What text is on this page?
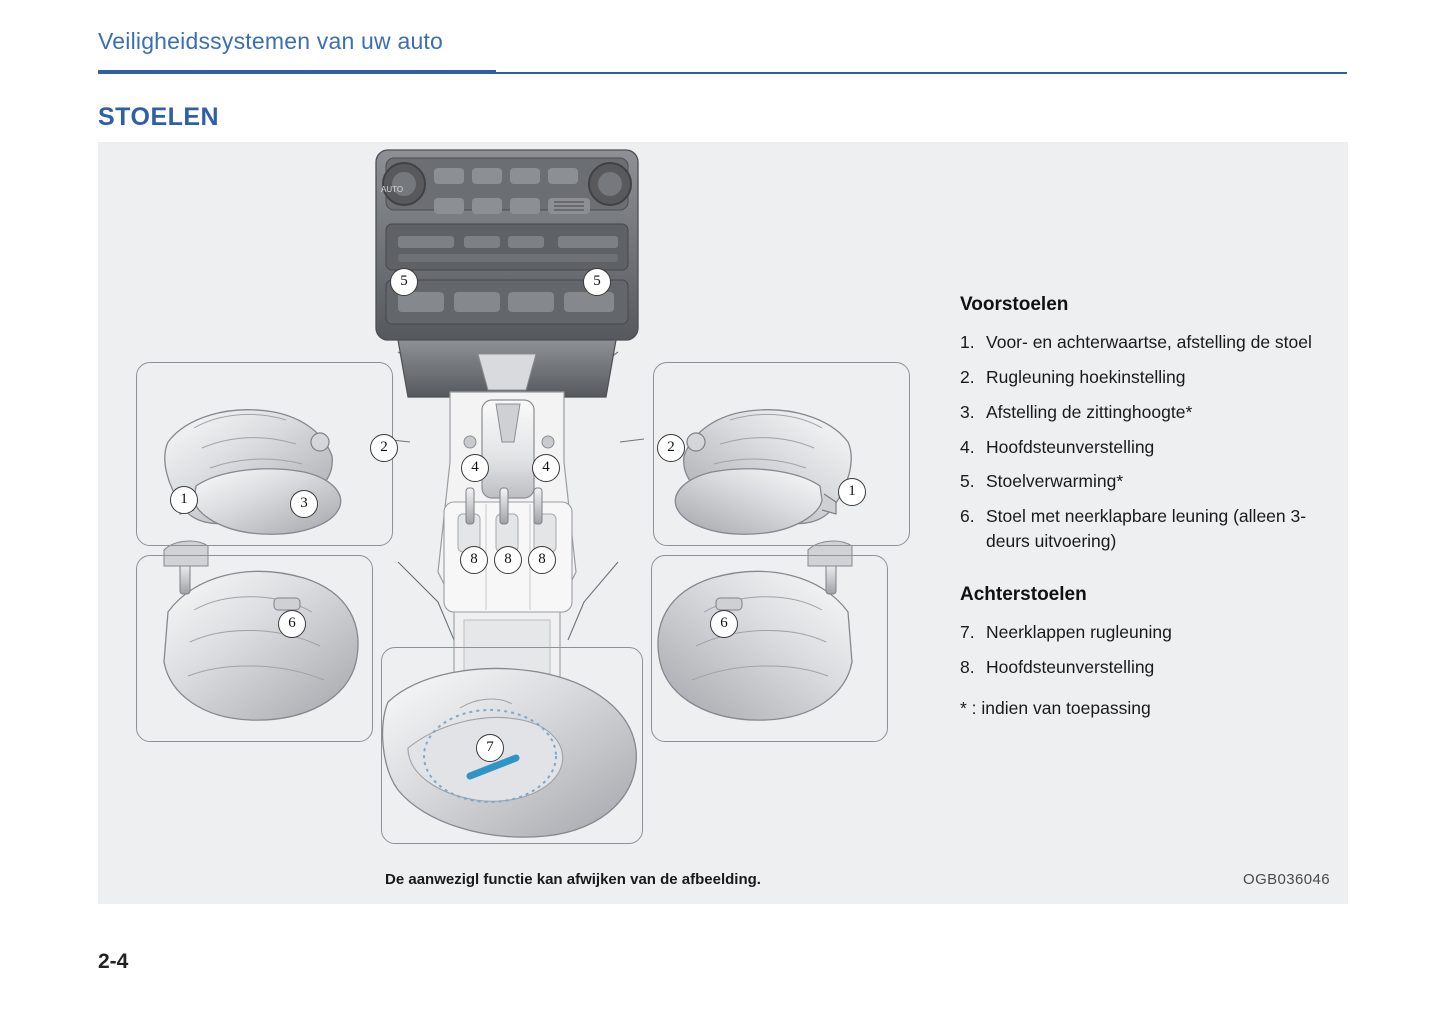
Veiligheidssystemen van uw auto
STOELEN
AUTO
5	5
2	2
1	1
3
4	4
8	8	8
6	6
7
Voorstoelen
1. Voor- en achterwaartse, afstelling de stoel
2. Rugleuning hoekinstelling
3. Afstelling de zittinghoogte*
4. Hoofdsteunverstelling
5. Stoelverwarming*
6. Stoel met neerklapbare leuning (alleen 3-deurs uitvoering)
Achterstoelen
7. Neerklappen rugleuning
8. Hoofdsteunverstelling
* : indien van toepassing
De aanwezigl functie kan afwijken van de afbeelding.	OGB036046
2-4
